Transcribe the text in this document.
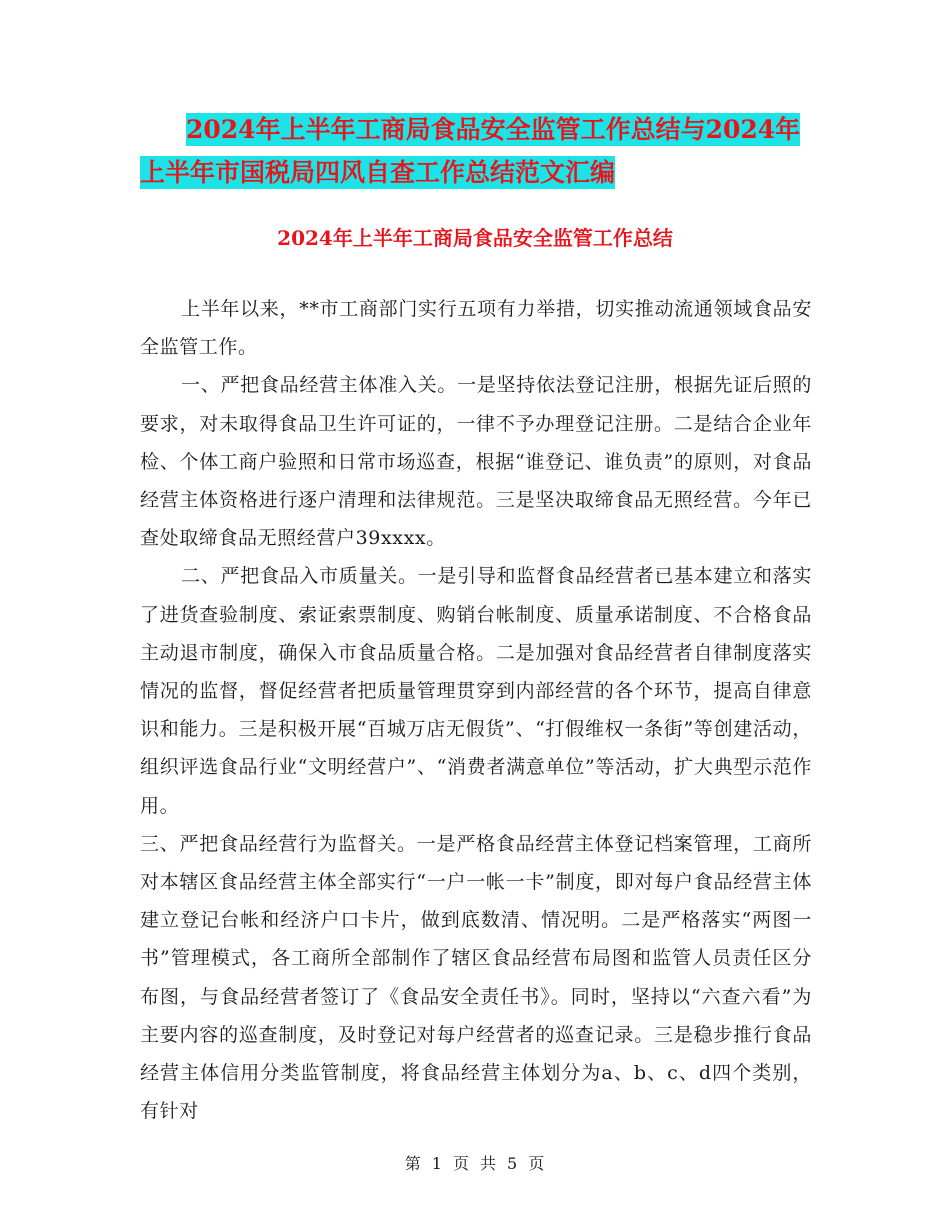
2024年上半年工商局食品安全监管工作总结与2024年
上半年市国税局四风自查工作总结范文汇编
2024年上半年工商局食品安全监管工作总结

上半年以来，**市工商部门实行五项有力举措，切实推动流通领域食品安全监管工作。

一、严把食品经营主体准入关。一是坚持依法登记注册，根据先证后照的要求，对未取得食品卫生许可证的，一律不予办理登记注册。二是结合企业年检、个体工商户验照和日常市场巡查，根据“谁登记、谁负责”的原则，对食品经营主体资格进行逐户清理和法律规范。三是坚决取缔食品无照经营。今年已查处取缔食品无照经营户39xxxx。

二、严把食品入市质量关。一是引导和监督食品经营者已基本建立和落实了进货查验制度、索证索票制度、购销台帐制度、质量承诺制度、不合格食品主动退市制度，确保入市食品质量合格。二是加强对食品经营者自律制度落实情况的监督，督促经营者把质量管理贯穿到内部经营的各个环节，提高自律意识和能力。三是积极开展“百城万店无假货”、“打假维权一条街”等创建活动，组织评选食品行业“文明经营户”、“消费者满意单位”等活动，扩大典型示范作用。

三、严把食品经营行为监督关。一是严格食品经营主体登记档案管理，工商所对本辖区食品经营主体全部实行“一户一帐一卡”制度，即对每户食品经营主体建立登记台帐和经济户口卡片，做到底数清、情况明。二是严格落实“两图一书”管理模式，各工商所全部制作了辖区食品经营布局图和监管人员责任区分布图，与食品经营者签订了《食品安全责任书》。同时，坚持以“六查六看”为主要内容的巡查制度，及时登记对每户经营者的巡查记录。三是稳步推行食品经营主体信用分类监管制度，将食品经营主体划分为a、b、c、d四个类别，有针对

第 1 页 共 5 页
